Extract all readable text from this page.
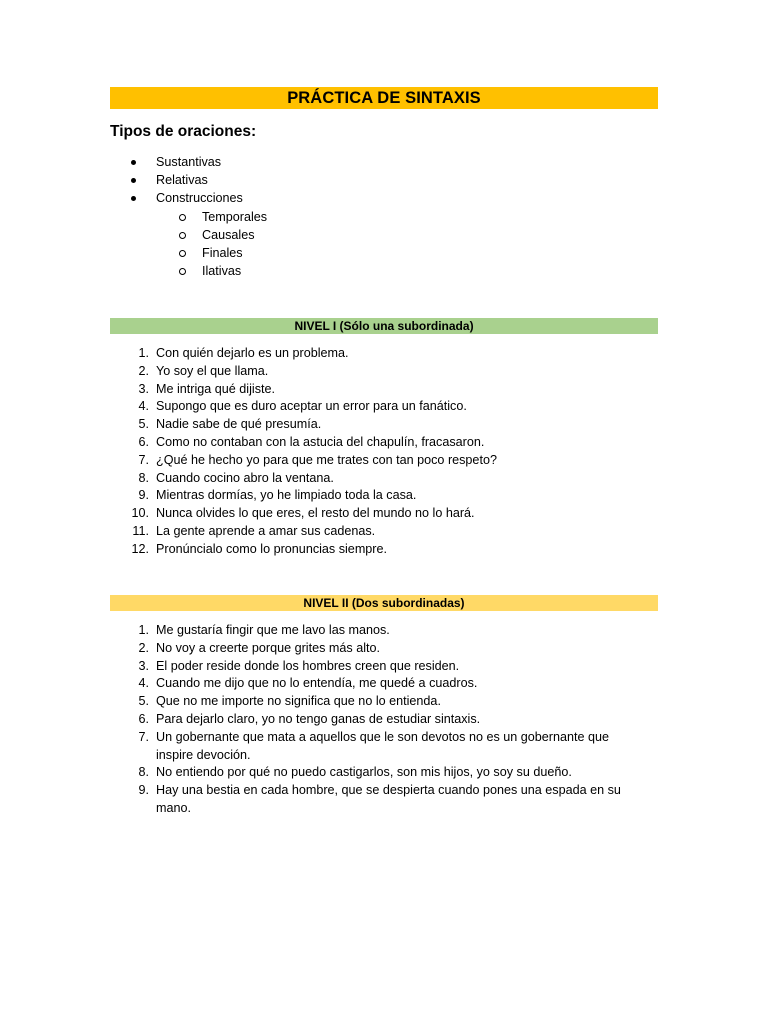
PRÁCTICA DE SINTAXIS
Tipos de oraciones:
Sustantivas
Relativas
Construcciones
Temporales
Causales
Finales
Ilativas
NIVEL I (Sólo una subordinada)
1. Con quién dejarlo es un problema.
2. Yo soy el que llama.
3. Me intriga qué dijiste.
4. Supongo que es duro aceptar un error para un fanático.
5. Nadie sabe de qué presumía.
6. Como no contaban con la astucia del chapulín, fracasaron.
7. ¿Qué he hecho yo para que me trates con tan poco respeto?
8. Cuando cocino abro la ventana.
9. Mientras dormías, yo he limpiado toda la casa.
10. Nunca olvides lo que eres, el resto del mundo no lo hará.
11. La gente aprende a amar sus cadenas.
12. Pronúncialo como lo pronuncias siempre.
NIVEL II (Dos subordinadas)
1. Me gustaría fingir que me lavo las manos.
2. No voy a creerte porque grites más alto.
3. El poder reside donde los hombres creen que residen.
4. Cuando me dijo que no lo entendía, me quedé a cuadros.
5. Que no me importe no significa que no lo entienda.
6. Para dejarlo claro, yo no tengo ganas de estudiar sintaxis.
7. Un gobernante que mata a aquellos que le son devotos no es un gobernante que inspire devoción.
8. No entiendo por qué no puedo castigarlos, son mis hijos, yo soy su dueño.
9. Hay una bestia en cada hombre, que se despierta cuando pones una espada en su mano.
